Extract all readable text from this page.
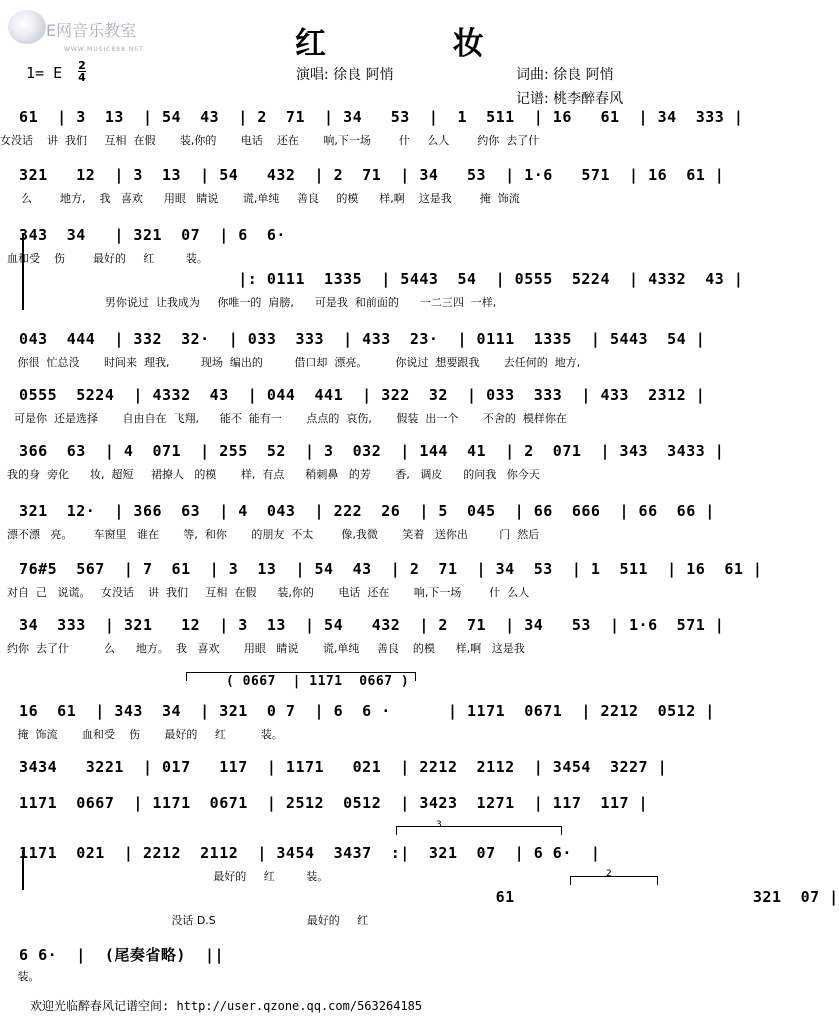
E网音乐教室
WWW.MUSIC888.NET	红 妆
演唱: 徐良 阿悄	词曲: 徐良 阿悄
记谱: 桃李醉春风
1= E 2
4
61  | 3  13  | 54  43  | 2  71  | 34   53  |  1  511  | 16   61  | 34  333 |
女没话    讲  我们     互相  在假       装,你的       电话    还在       响,下一场        什     么人        约你  去了什
321   12  | 3  13  | 54   432  | 2  71  | 34   53  | 1·6   571  | 16  61 |
么        地方,    我   喜欢      用眼   睛说       谎,单纯     善良     的模      样,啊    这是我        掩  饰流
343  34   | 321  07  | 6  6·
血和受    伤        最好的     红         装。
|: 0111  1335  | 5443  54  | 0555  5224  | 4332  43 |
男你说过  让我成为     你唯一的  肩膀,      可是我  和前面的      一二三四  一样,
043  444  | 332  32·  | 033  333  | 433  23·  | 0111  1335  | 5443  54 |
你很  忙总没       时间来  理我,         现场  编出的         借口却  漂亮。        你说过  想要跟我       去任何的  地方,
0555  5224  | 4332  43  | 044  441  | 322  32  | 033  333  | 433  2312 |
可是你  还是选择       自由自在  飞翔,      能不  能有一       点点的  哀伤,       假装  出一个       不舍的  模样你在
366  63  | 4  071  | 255  52  | 3  032  | 144  41  | 2  071  | 343  3433 |
我的身  旁化      妆,  超短     裙撩人   的模       样,  有点      稍刺鼻   的芳       香,   调皮      的问我   你今天
321  12·  | 366  63  | 4  043  | 222  26  | 5  045  | 66  666  | 66  66 |
漂不漂   亮。      车窗里   谁在       等,  和你       的朋友  不太        像,我微       笑着   送你出         门  然后
76#5  567  | 7  61  | 3  13  | 54  43  | 2  71  | 34  53  | 1  511  | 16  61 |
对自  己   说谎。   女没话    讲  我们     互相  在假      装,你的       电话  还在       响,下一场        什  么人
34  333  | 321   12  | 3  13  | 54   432  | 2  71  | 34   53  | 1·6  571 |
约你  去了什          么      地方。  我   喜欢       用眼   睛说       谎,单纯     善良    的模      样,啊   这是我
( 0667  | 1171  0667 )
16  61  | 343  34  | 321  0 7  | 6  6 ·      | 1171  0671  | 2212  0512 |
掩  饰流       血和受    伤       最好的     红          装。
3434   3221  | 017   117  | 1171   021  | 2212  2112  | 3454  3227 |
1171  0667  | 1171  0671  | 2512  0512  | 3423  1271  | 117  117 |
3
1171  021  | 2212  2112  | 3454  3437  :|  321  07  | 6 6·  |
最好的     红         装。	2
61                         321  07 |
没话 D.S                          最好的     红
6 6·  |  (尾奏省略)  ||
装。
欢迎光临醉春风记谱空间: http://user.qzone.qq.com/563264185
